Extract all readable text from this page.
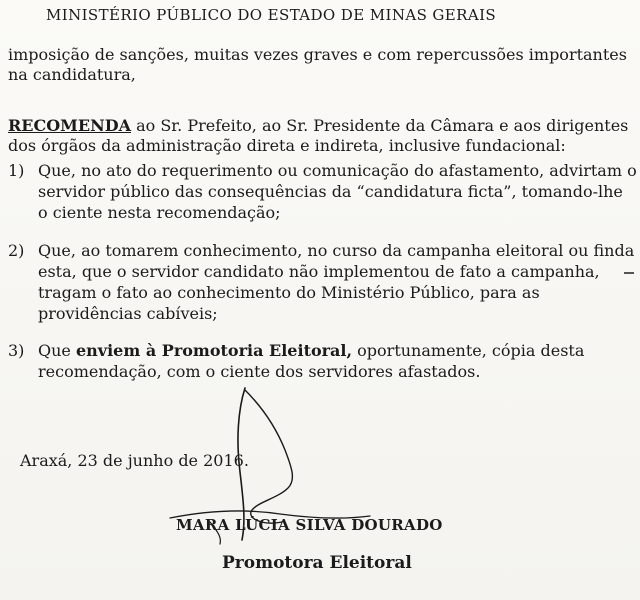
MINISTÉRIO PÚBLICO DO ESTADO DE MINAS GERAIS
imposição de sanções, muitas vezes graves e com repercussões importantes
na candidatura,
RECOMENDA ao Sr. Prefeito, ao Sr. Presidente da Câmara e aos dirigentes
dos órgãos da administração direta e indireta, inclusive fundacional:
1) Que, no ato do requerimento ou comunicação do afastamento, advirtam o
servidor público das consequências da “candidatura ficta”, tomando-lhe
o ciente nesta recomendação;
2) Que, ao tomarem conhecimento, no curso da campanha eleitoral ou finda
esta, que o servidor candidato não implementou de fato a campanha,
tragam o fato ao conhecimento do Ministério Público, para as
providências cabíveis;
3) Que enviem à Promotoria Eleitoral, oportunamente, cópia desta
recomendação, com o ciente dos servidores afastados.
Araxá, 23 de junho de 2016.
MARA LÚCIA SILVA DOURADO
Promotora Eleitoral
